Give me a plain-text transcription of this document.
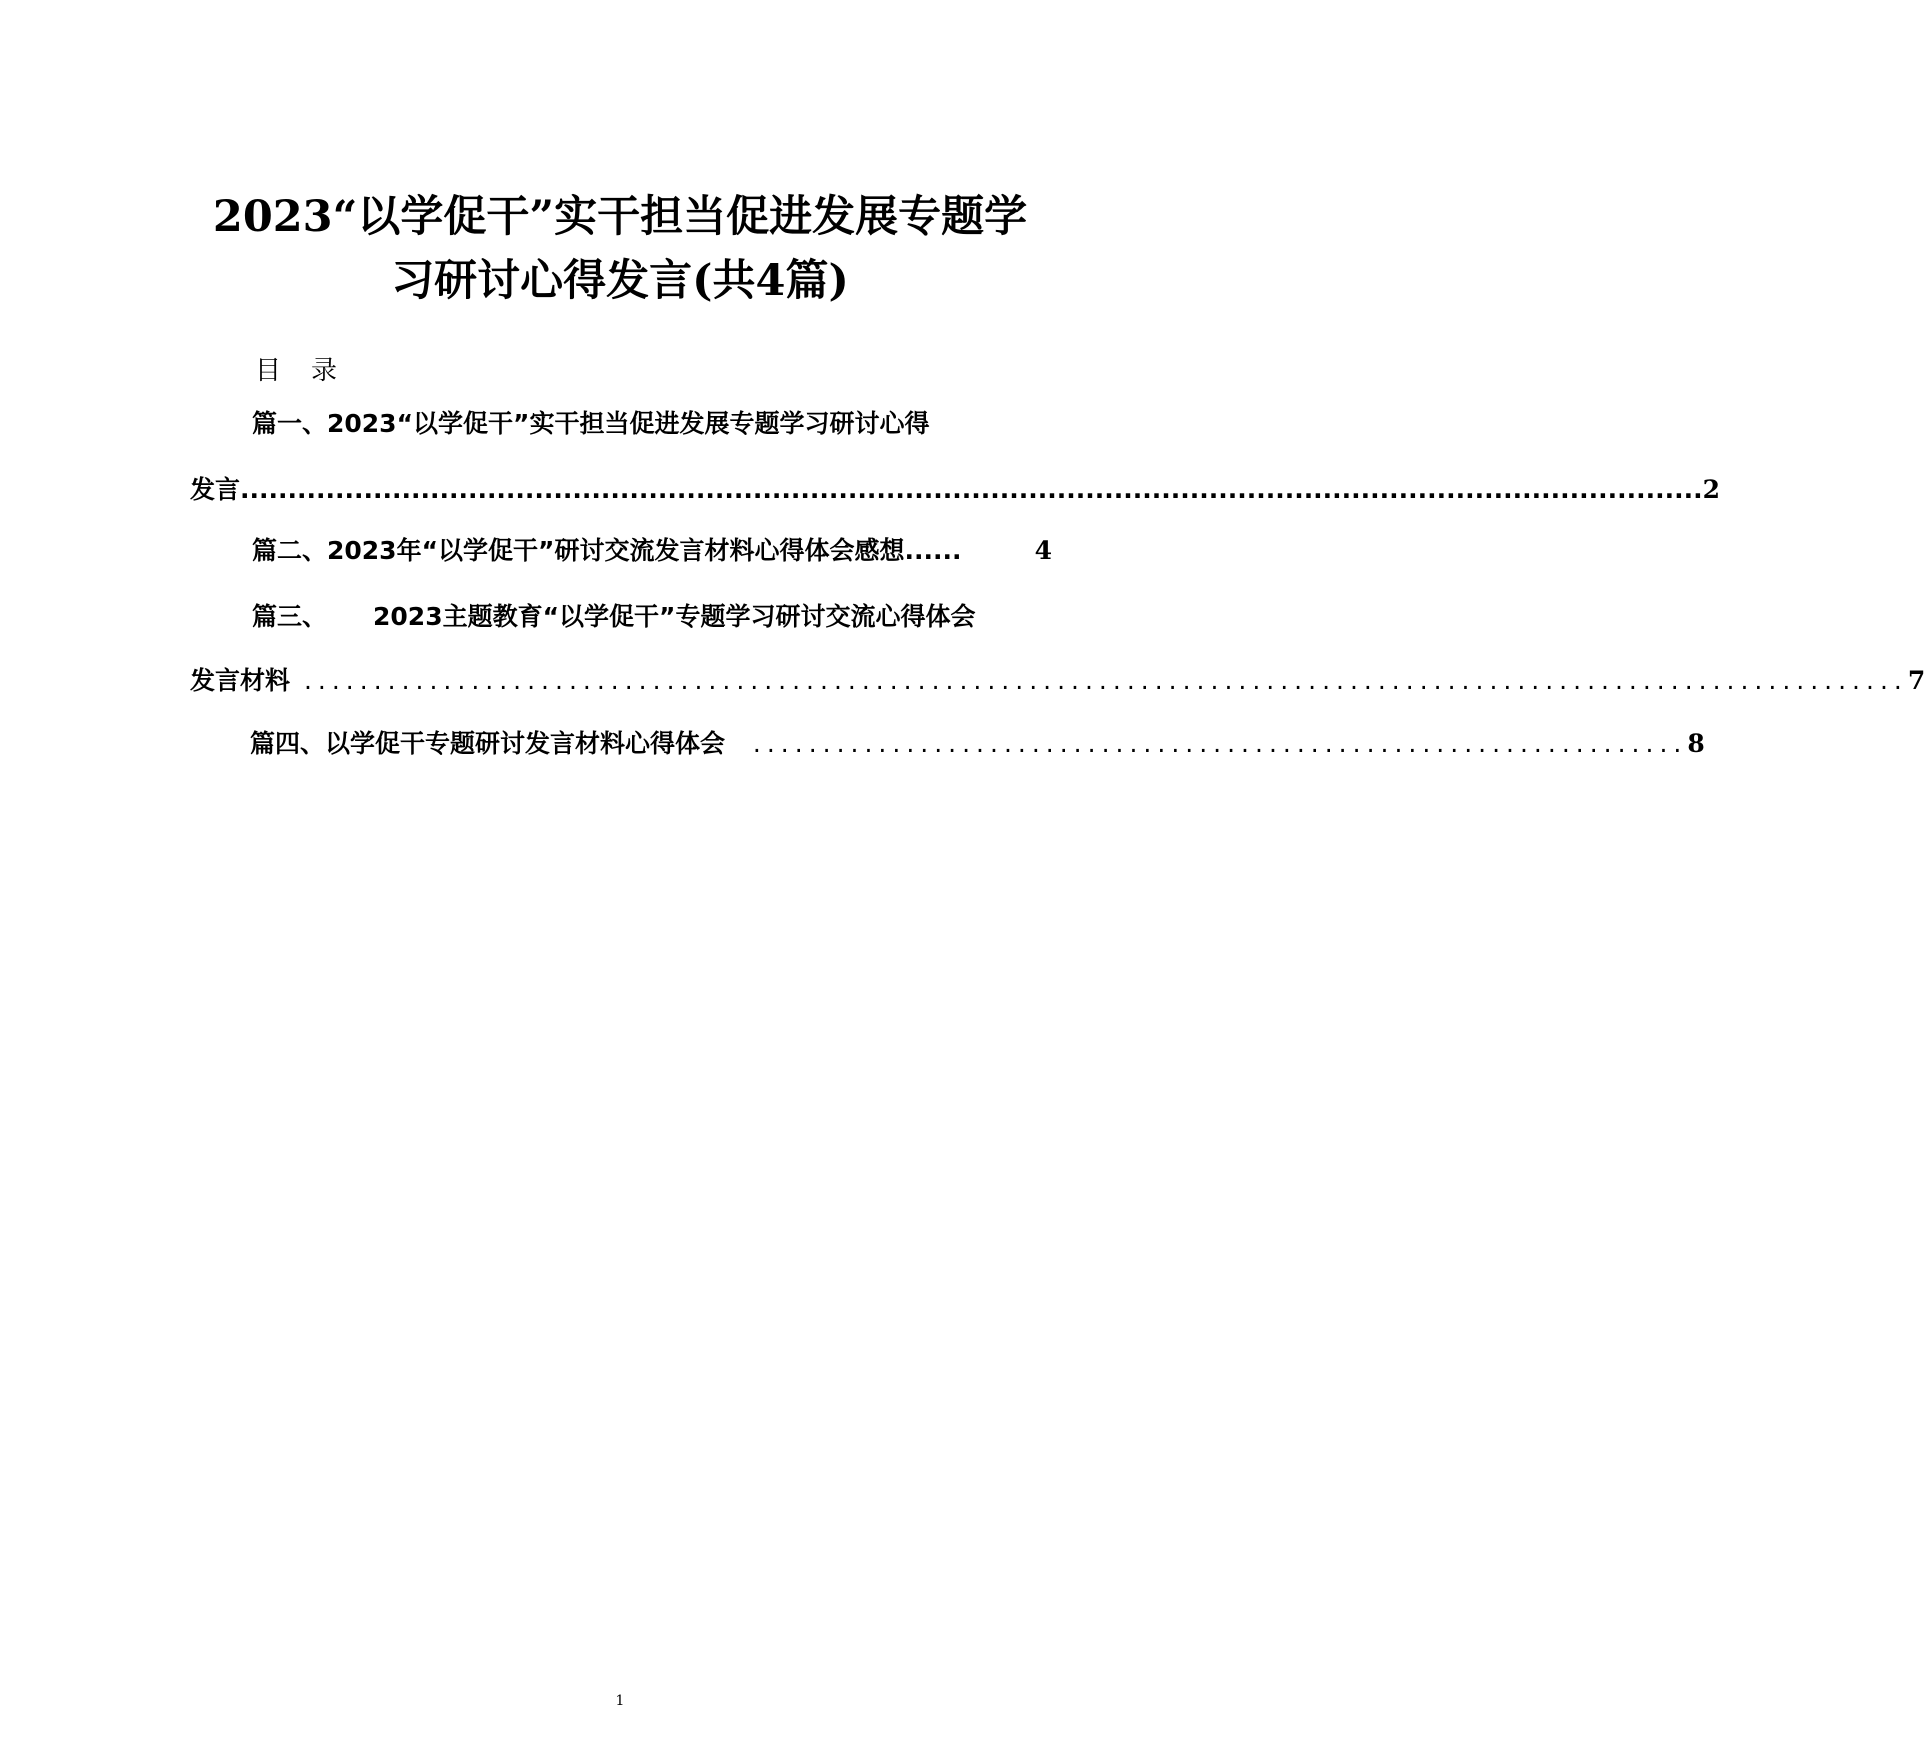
2023“以学促干”实干担当促进发展专题学
习研讨心得发言(共4篇)
目录
篇一、2023“以学促干”实干担当促进发展专题学习研讨心得
发言 .......................................................................................................................................................... 2
篇二、2023年“以学促干”研讨交流发言材料心得体会感想 ......	4
篇三、 2023主题教育“以学促干”专题学习研讨交流心得体会
发言材料 ................................................................................................................... 7
篇四、以学促干专题研讨发言材料心得体会 ................................................................... 8
1
